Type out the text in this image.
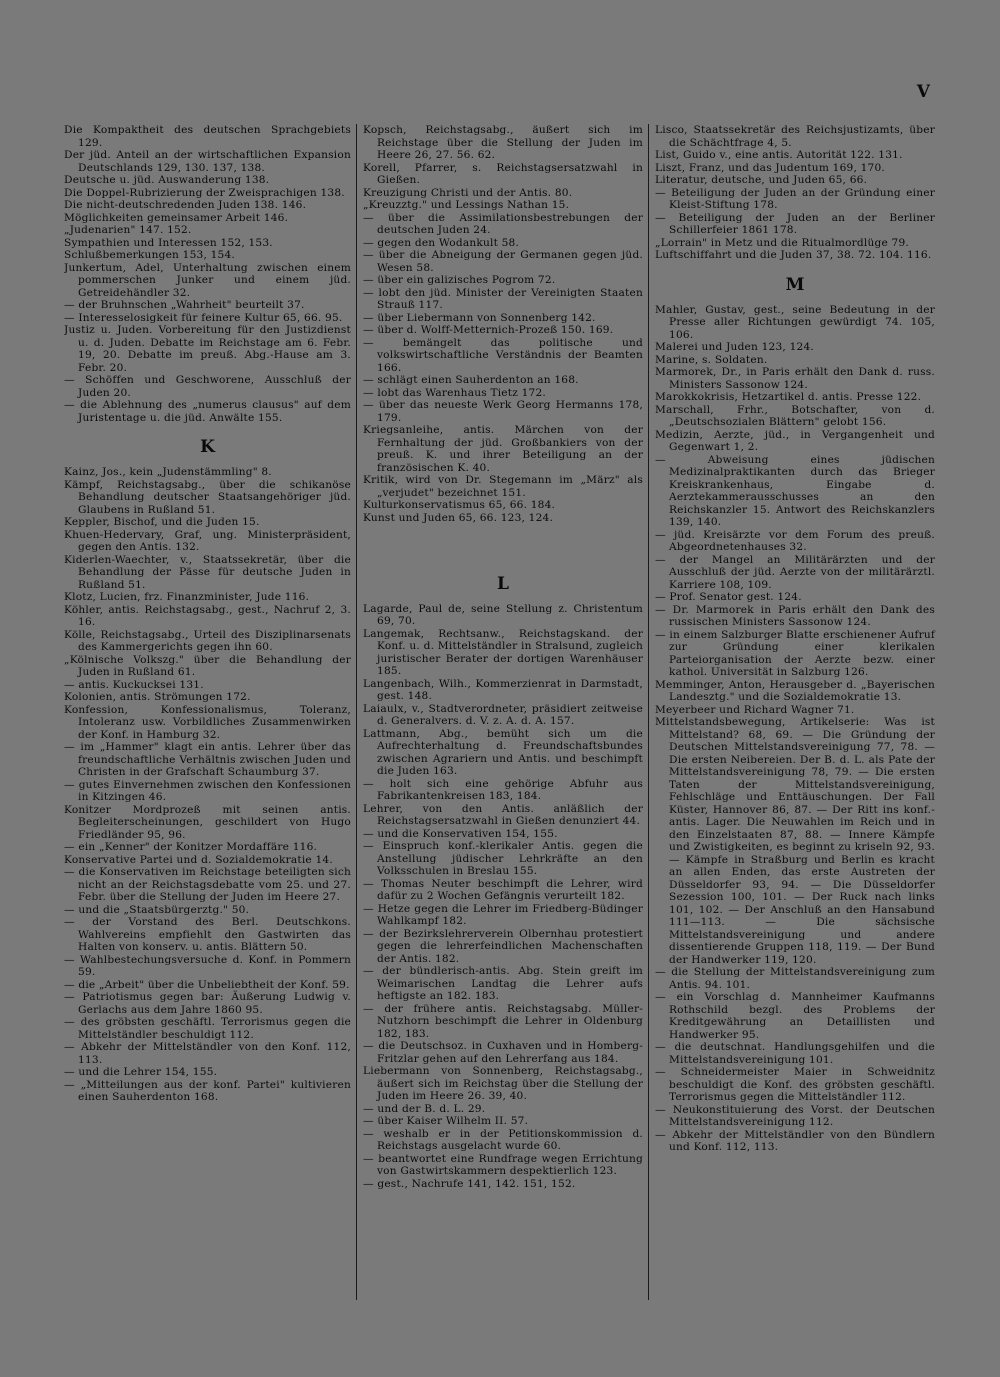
V

Die Kompaktheit des deutschen Sprachgebiets 129.

Der jüd. Anteil an der wirtschaftlichen Expansion Deutschlands 129, 130. 137, 138.

Deutsche u. jüd. Auswanderung 138.

Die Doppel-Rubrizierung der Zweisprachigen 138.

Die nicht-deutschredenden Juden 138. 146.

Möglichkeiten gemeinsamer Arbeit 146.

„Judenarien" 147. 152.

Sympathien und Interessen 152, 153.

Schlußbemerkungen 153, 154.

Junkertum, Adel, Unterhaltung zwischen einem pommerschen Junker und einem jüd. Getreidehändler 32.

— der Bruhnschen „Wahrheit" beurteilt 37.

— Interesselosigkeit für feinere Kultur 65, 66. 95.

Justiz u. Juden. Vorbereitung für den Justizdienst u. d. Juden. Debatte im Reichstage am 6. Febr. 19, 20. Debatte im preuß. Abg.-Hause am 3. Febr. 20.

— Schöffen und Geschworene, Ausschluß der Juden 20.

— die Ablehnung des „numerus clausus" auf dem Juristentage u. die jüd. Anwälte 155.

K

Kainz, Jos., kein „Judenstämmling" 8.

Kämpf, Reichstagsabg., über die schikanöse Behandlung deutscher Staatsangehöriger jüd. Glaubens in Rußland 51.

Keppler, Bischof, und die Juden 15.

Khuen-Hedervary, Graf, ung. Ministerpräsident, gegen den Antis. 132.

Kiderlen-Waechter, v., Staatssekretär, über die Behandlung der Pässe für deutsche Juden in Rußland 51.

Klotz, Lucien, frz. Finanzminister, Jude 116.

Köhler, antis. Reichstagsabg., gest., Nachruf 2, 3. 16.

Kölle, Reichstagsabg., Urteil des Disziplinarsenats des Kammergerichts gegen ihn 60.

„Kölnische Volkszg." über die Behandlung der Juden in Rußland 61.

— antis. Kuckucksei 131.

Kolonien, antis. Strömungen 172.

Konfession, Konfessionalismus, Toleranz, Intoleranz usw. Vorbildliches Zusammenwirken der Konf. in Hamburg 32.

— im „Hammer" klagt ein antis. Lehrer über das freundschaftliche Verhältnis zwischen Juden und Christen in der Grafschaft Schaumburg 37.

— gutes Einvernehmen zwischen den Konfessionen in Kitzingen 46.

Konitzer Mordprozeß mit seinen antis. Begleiterscheinungen, geschildert von Hugo Friedländer 95, 96.

— ein „Kenner" der Konitzer Mordaffäre 116.

Konservative Partei und d. Sozialdemokratie 14.

— die Konservativen im Reichstage beteiligten sich nicht an der Reichstagsdebatte vom 25. und 27. Febr. über die Stellung der Juden im Heere 27.

— und die „Staatsbürgerztg." 50.

— der Vorstand des Berl. Deutschkons. Wahlvereins empfiehlt den Gastwirten das Halten von konserv. u. antis. Blättern 50.

— Wahlbestechungsversuche d. Konf. in Pommern 59.

— die „Arbeit" über die Unbeliebtheit der Konf. 59.

— Patriotismus gegen bar: Äußerung Ludwig v. Gerlachs aus dem Jahre 1860 95.

— des gröbsten geschäftl. Terrorismus gegen die Mittelständler beschuldigt 112.

— Abkehr der Mittelständler von den Konf. 112, 113.

— und die Lehrer 154, 155.

— „Mitteilungen aus der konf. Partei" kultivieren einen Sauherdenton 168.

Kopsch, Reichstagsabg., äußert sich im Reichstage über die Stellung der Juden im Heere 26, 27. 56. 62.

Korell, Pfarrer, s. Reichstagsersatzwahl in Gießen.

Kreuzigung Christi und der Antis. 80.

„Kreuzztg." und Lessings Nathan 15.

— über die Assimilationsbestrebungen der deutschen Juden 24.

— gegen den Wodankult 58.

— über die Abneigung der Germanen gegen jüd. Wesen 58.

— über ein galizisches Pogrom 72.

— lobt den jüd. Minister der Vereinigten Staaten Strauß 117.

— über Liebermann von Sonnenberg 142.

— über d. Wolff-Metternich-Prozeß 150. 169.

— bemängelt das politische und volkswirtschaftliche Verständnis der Beamten 166.

— schlägt einen Sauherdenton an 168.

— lobt das Warenhaus Tietz 172.

— über das neueste Werk Georg Hermanns 178, 179.

Kriegsanleihe, antis. Märchen von der Fernhaltung der jüd. Großbankiers von der preuß. K. und ihrer Beteiligung an der französischen K. 40.

Kritik, wird von Dr. Stegemann im „März" als „verjudet" bezeichnet 151.

Kulturkonservatismus 65, 66. 184.

Kunst und Juden 65, 66. 123, 124.

L

Lagarde, Paul de, seine Stellung z. Christentum 69, 70.

Langemak, Rechtsanw., Reichstagskand. der Konf. u. d. Mittelständler in Stralsund, zugleich juristischer Berater der dortigen Warenhäuser 185.

Langenbach, Wilh., Kommerzienrat in Darmstadt, gest. 148.

Laiaulx, v., Stadtverordneter, präsidiert zeitweise d. Generalvers. d. V. z. A. d. A. 157.

Lattmann, Abg., bemüht sich um die Aufrechterhaltung d. Freundschaftsbundes zwischen Agrariern und Antis. und beschimpft die Juden 163.

— holt sich eine gehörige Abfuhr aus Fabrikantenkreisen 183, 184.

Lehrer, von den Antis. anläßlich der Reichstagsersatzwahl in Gießen denunziert 44.

— und die Konservativen 154, 155.

— Einspruch konf.-klerikaler Antis. gegen die Anstellung jüdischer Lehrkräfte an den Volksschulen in Breslau 155.

— Thomas Neuter beschimpft die Lehrer, wird dafür zu 2 Wochen Gefängnis verurteilt 182.

— Hetze gegen die Lehrer im Friedberg-Büdinger Wahlkampf 182.

— der Bezirkslehrerverein Olbernhau protestiert gegen die lehrerfeindlichen Machenschaften der Antis. 182.

— der bündlerisch-antis. Abg. Stein greift im Weimarischen Landtag die Lehrer aufs heftigste an 182. 183.

— der frühere antis. Reichstagsabg. Müller-Nutzhorn beschimpft die Lehrer in Oldenburg 182, 183.

— die Deutschsoz. in Cuxhaven und in Homberg-Fritzlar gehen auf den Lehrerfang aus 184.

Liebermann von Sonnenberg, Reichstagsabg., äußert sich im Reichstag über die Stellung der Juden im Heere 26. 39, 40.

— und der B. d. L. 29.

— über Kaiser Wilhelm II. 57.

— weshalb er in der Petitionskommission d. Reichstags ausgelacht wurde 60.

— beantwortet eine Rundfrage wegen Errichtung von Gastwirtskammern despektierlich 123.

— gest., Nachrufe 141, 142. 151, 152.

Lisco, Staatssekretär des Reichsjustizamts, über die Schächtfrage 4, 5.

List, Guido v., eine antis. Autorität 122. 131.

Liszt, Franz, und das Judentum 169, 170.

Literatur, deutsche, und Juden 65, 66.

— Beteiligung der Juden an der Gründung einer Kleist-Stiftung 178.

— Beteiligung der Juden an der Berliner Schillerfeier 1861 178.

„Lorrain" in Metz und die Ritualmordlüge 79.

Luftschiffahrt und die Juden 37, 38. 72. 104. 116.

M

Mahler, Gustav, gest., seine Bedeutung in der Presse aller Richtungen gewürdigt 74. 105, 106.

Malerei und Juden 123, 124.

Marine, s. Soldaten.

Marmorek, Dr., in Paris erhält den Dank d. russ. Ministers Sassonow 124.

Marokkokrisis, Hetzartikel d. antis. Presse 122.

Marschall, Frhr., Botschafter, von d. „Deutschsozialen Blättern" gelobt 156.

Medizin, Aerzte, jüd., in Vergangenheit und Gegenwart 1, 2.

— Abweisung eines jüdischen Medizinalpraktikanten durch das Brieger Kreiskrankenhaus, Eingabe d. Aerztekammerausschusses an den Reichskanzler 15. Antwort des Reichskanzlers 139, 140.

— jüd. Kreisärzte vor dem Forum des preuß. Abgeordnetenhauses 32.

— der Mangel an Militärärzten und der Ausschluß der jüd. Aerzte von der militärärztl. Karriere 108, 109.

— Prof. Senator gest. 124.

— Dr. Marmorek in Paris erhält den Dank des russischen Ministers Sassonow 124.

— in einem Salzburger Blatte erschienener Aufruf zur Gründung einer klerikalen Parteiorganisation der Aerzte bezw. einer kathol. Universität in Salzburg 126.

Memminger, Anton, Herausgeber d. „Bayerischen Landesztg." und die Sozialdemokratie 13.

Meyerbeer und Richard Wagner 71.

Mittelstandsbewegung, Artikelserie: Was ist Mittelstand? 68, 69. — Die Gründung der Deutschen Mittelstandsvereinigung 77, 78. — Die ersten Neibereien. Der B. d. L. als Pate der Mittelstandsvereinigung 78, 79. — Die ersten Taten der Mittelstandsvereinigung, Fehlschläge und Enttäuschungen. Der Fall Küster, Hannover 86, 87. — Der Ritt ins konf.-antis. Lager. Die Neuwahlen im Reich und in den Einzelstaaten 87, 88. — Innere Kämpfe und Zwistigkeiten, es beginnt zu kriseln 92, 93. — Kämpfe in Straßburg und Berlin es kracht an allen Enden, das erste Austreten der Düsseldorfer 93, 94. — Die Düsseldorfer Sezession 100, 101. — Der Ruck nach links 101, 102. — Der Anschluß an den Hansabund 111—113. — Die sächsische Mittelstandsvereinigung und andere dissentierende Gruppen 118, 119. — Der Bund der Handwerker 119, 120.

— die Stellung der Mittelstandsvereinigung zum Antis. 94. 101.

— ein Vorschlag d. Mannheimer Kaufmanns Rothschild bezgl. des Problems der Kreditgewährung an Detaillisten und Handwerker 95.

— die deutschnat. Handlungsgehilfen und die Mittelstandsvereinigung 101.

— Schneidermeister Maier in Schweidnitz beschuldigt die Konf. des gröbsten geschäftl. Terrorismus gegen die Mittelständler 112.

— Neukonstituierung des Vorst. der Deutschen Mittelstandsvereinigung 112.

— Abkehr der Mittelständler von den Bündlern und Konf. 112, 113.
